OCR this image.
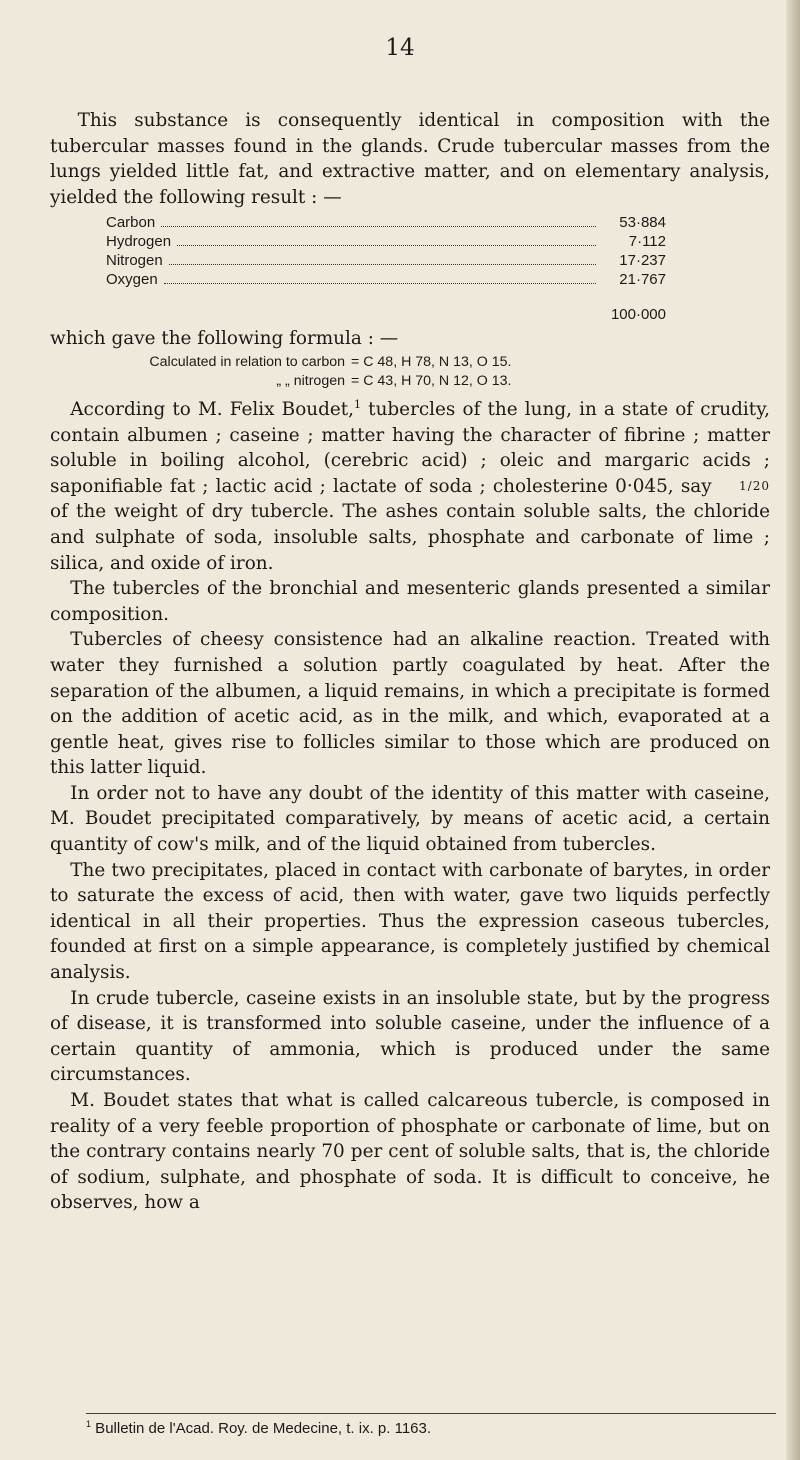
14

This substance is consequently identical in composition with the tubercular masses found in the glands. Crude tubercular masses from the lungs yielded little fat, and extractive matter, and on elementary analysis, yielded the following result : —

Carbon	53·884
Hydrogen	7·112
Nitrogen	17·237
Oxygen	21·767
100·000

which gave the following formula : —

Calculated in relation to carbon = C 48, H 78, N 13, O 15.
„ „ nitrogen = C 43, H 70, N 12, O 13.

According to M. Felix Boudet,$^1$ tubercles of the lung, in a state of crudity, contain albumen ; caseine ; matter having the character of fibrine ; matter soluble in boiling alcohol, (cerebric acid) ; oleic and margaric acids ; saponifiable fat ; lactic acid ; lactate of soda ; cholesterine 0·045, say 1/20 of the weight of dry tubercle. The ashes contain soluble salts, the chloride and sulphate of soda, insoluble salts, phosphate and carbonate of lime ; silica, and oxide of iron.

The tubercles of the bronchial and mesenteric glands presented a similar composition.

Tubercles of cheesy consistence had an alkaline reaction. Treated with water they furnished a solution partly coagulated by heat. After the separation of the albumen, a liquid remains, in which a precipitate is formed on the addition of acetic acid, as in the milk, and which, evaporated at a gentle heat, gives rise to follicles similar to those which are produced on this latter liquid.

In order not to have any doubt of the identity of this matter with caseine, M. Boudet precipitated comparatively, by means of acetic acid, a certain quantity of cow's milk, and of the liquid obtained from tubercles.

The two precipitates, placed in contact with carbonate of barytes, in order to saturate the excess of acid, then with water, gave two liquids perfectly identical in all their properties. Thus the expression caseous tubercles, founded at first on a simple appearance, is completely justified by chemical analysis.

In crude tubercle, caseine exists in an insoluble state, but by the progress of disease, it is transformed into soluble caseine, under the influence of a certain quantity of ammonia, which is produced under the same circumstances.

M. Boudet states that what is called calcareous tubercle, is composed in reality of a very feeble proportion of phosphate or carbonate of lime, but on the contrary contains nearly 70 per cent of soluble salts, that is, the chloride of sodium, sulphate, and phosphate of soda. It is difficult to conceive, he observes, how a

$^1$ Bulletin de l'Acad. Roy. de Medecine, t. ix. p. 1163.
